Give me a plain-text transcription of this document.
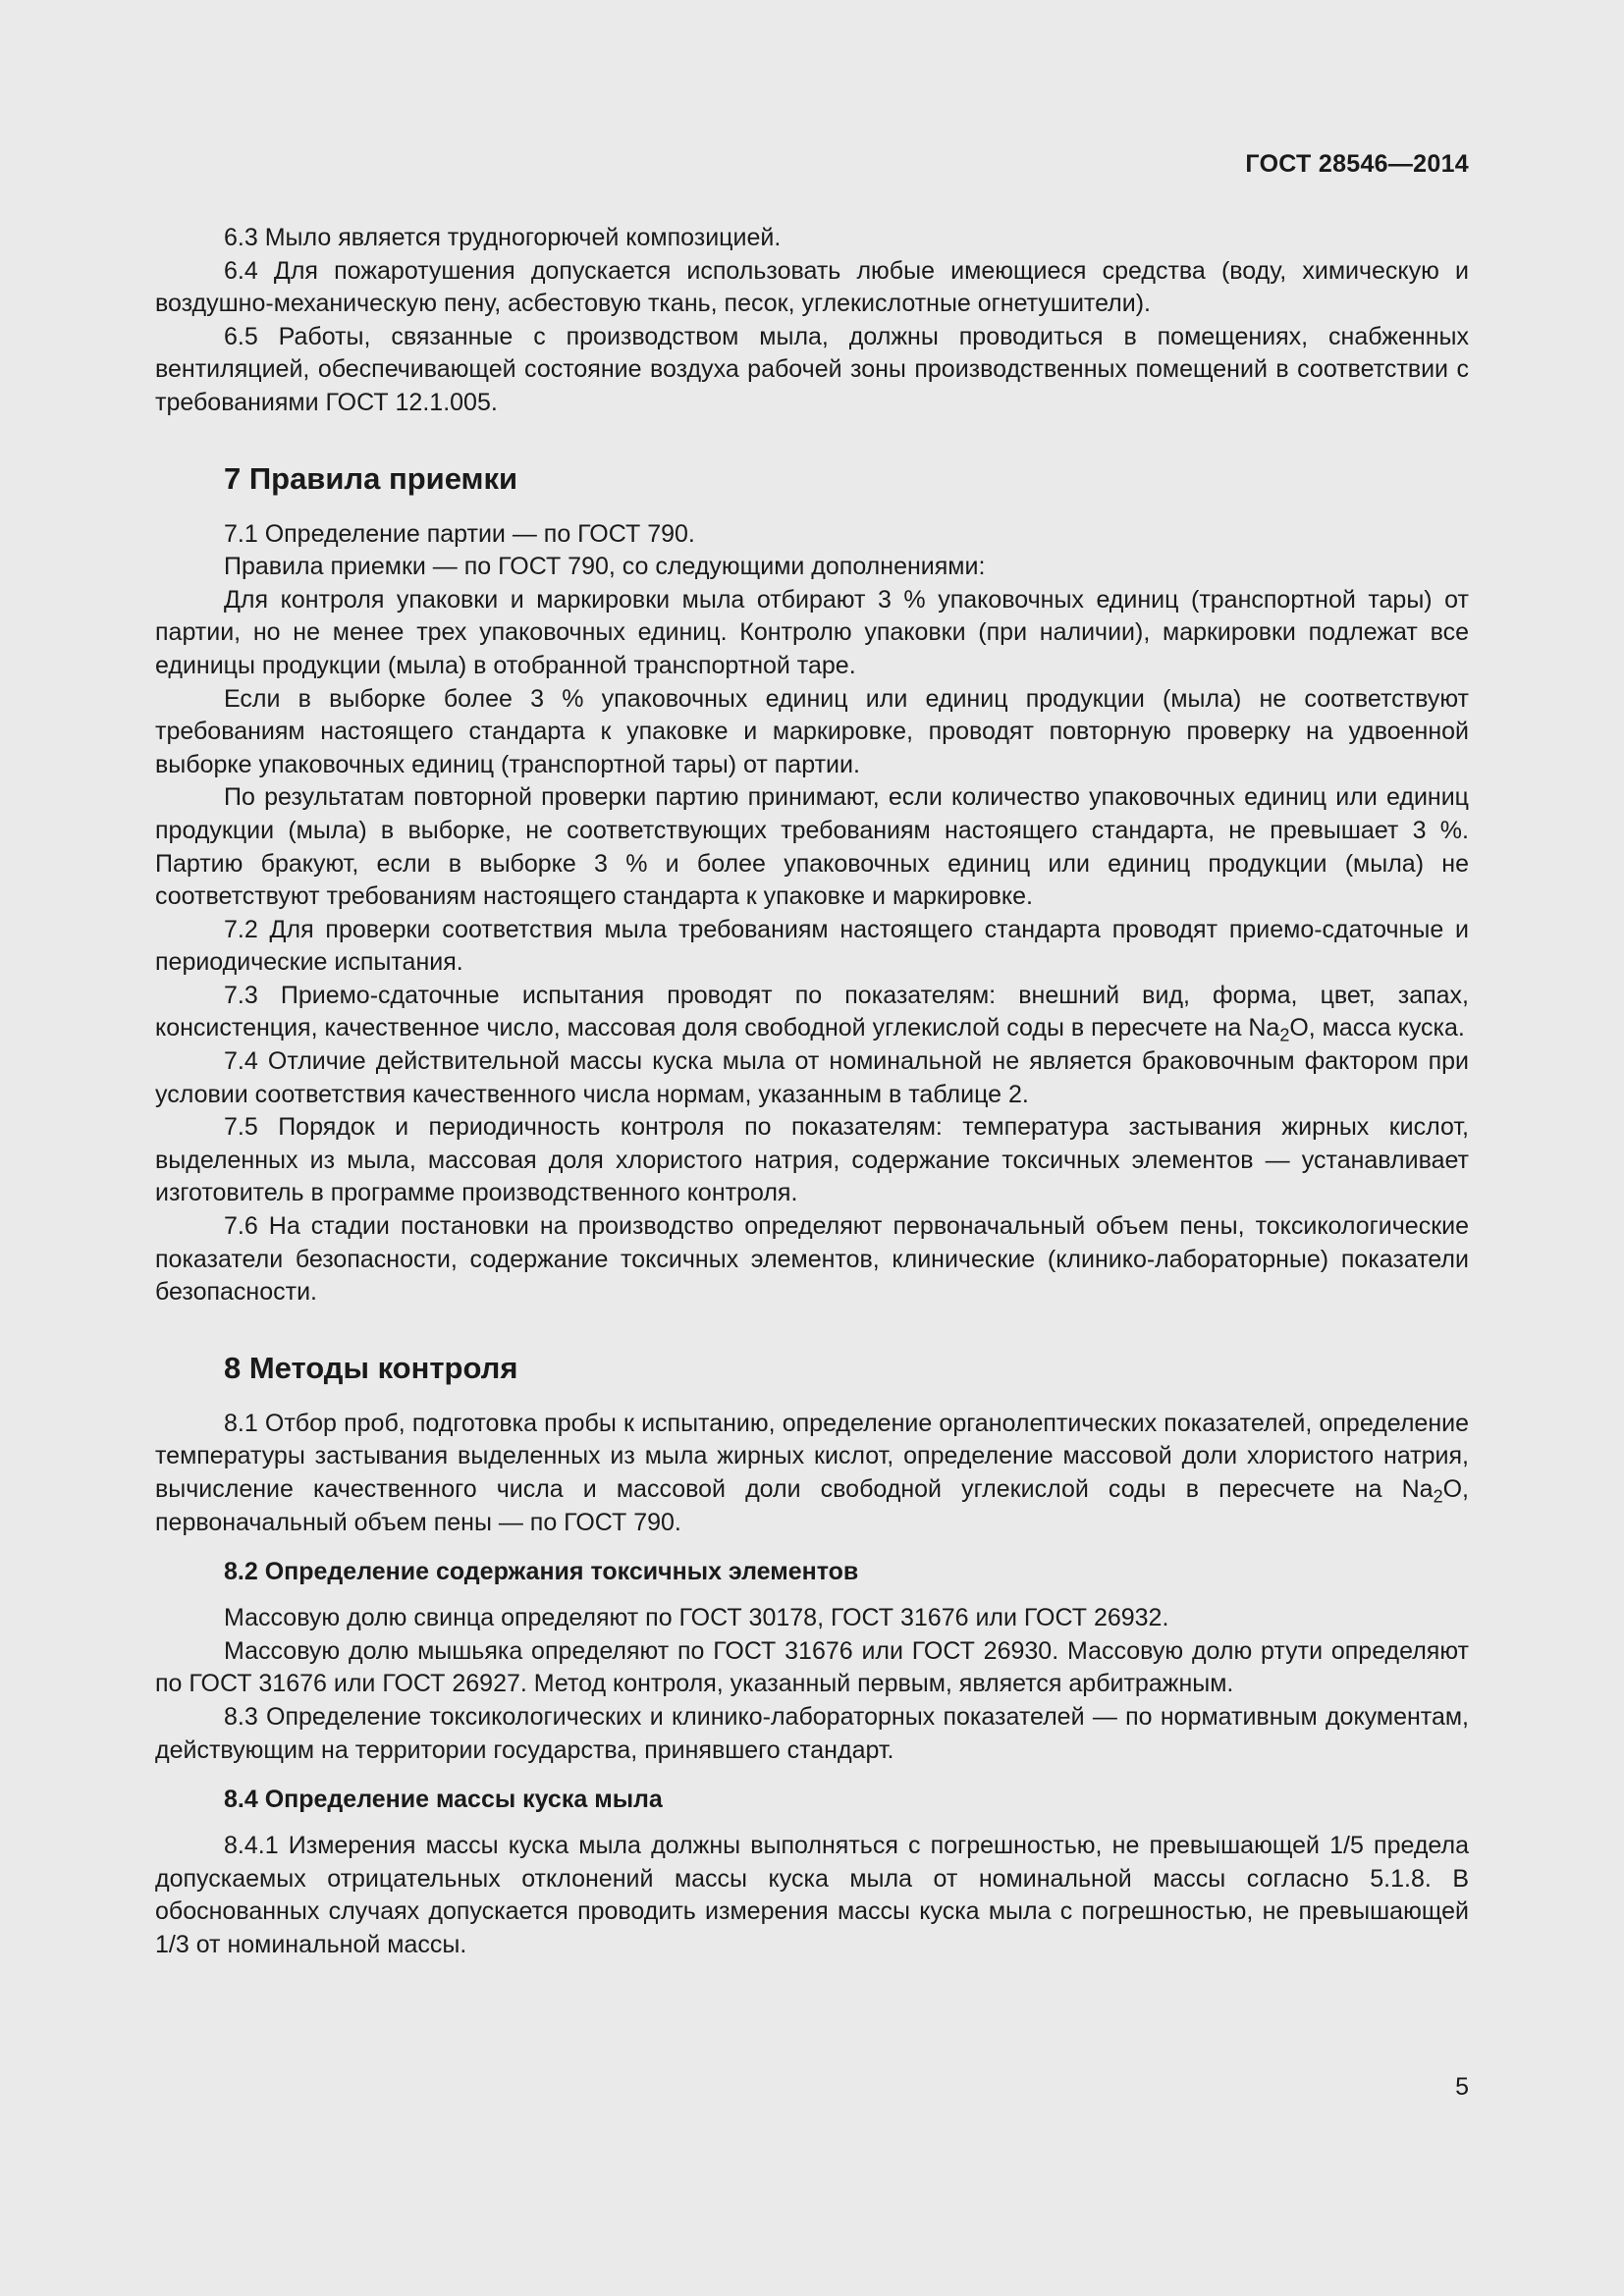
ГОСТ 28546—2014

6.3 Мыло является трудногорючей композицией.

6.4 Для пожаротушения допускается использовать любые имеющиеся средства (воду, химическую и воздушно-механическую пену, асбестовую ткань, песок, углекислотные огнетушители).

6.5 Работы, связанные с производством мыла, должны проводиться в помещениях, снабженных вентиляцией, обеспечивающей состояние воздуха рабочей зоны производственных помещений в соответствии с требованиями ГОСТ 12.1.005.

7 Правила приемки

7.1 Определение партии — по ГОСТ 790.

Правила приемки — по ГОСТ 790, со следующими дополнениями:

Для контроля упаковки и маркировки мыла отбирают 3 % упаковочных единиц (транспортной тары) от партии, но не менее трех упаковочных единиц. Контролю упаковки (при наличии), маркировки подлежат все единицы продукции (мыла) в отобранной транспортной таре.

Если в выборке более 3 % упаковочных единиц или единиц продукции (мыла) не соответствуют требованиям настоящего стандарта к упаковке и маркировке, проводят повторную проверку на удвоенной выборке упаковочных единиц (транспортной тары) от партии.

По результатам повторной проверки партию принимают, если количество упаковочных единиц или единиц продукции (мыла) в выборке, не соответствующих требованиям настоящего стандарта, не превышает 3 %. Партию бракуют, если в выборке 3 % и более упаковочных единиц или единиц продукции (мыла) не соответствуют требованиям настоящего стандарта к упаковке и маркировке.

7.2 Для проверки соответствия мыла требованиям настоящего стандарта проводят приемо-сдаточные и периодические испытания.

7.3 Приемо-сдаточные испытания проводят по показателям: внешний вид, форма, цвет, запах, консистенция, качественное число, массовая доля свободной углекислой соды в пересчете на $Na_2O$, масса куска.

7.4 Отличие действительной массы куска мыла от номинальной не является браковочным фактором при условии соответствия качественного числа нормам, указанным в таблице 2.

7.5 Порядок и периодичность контроля по показателям: температура застывания жирных кислот, выделенных из мыла, массовая доля хлористого натрия, содержание токсичных элементов — устанавливает изготовитель в программе производственного контроля.

7.6 На стадии постановки на производство определяют первоначальный объем пены, токсикологические показатели безопасности, содержание токсичных элементов, клинические (клинико-лабораторные) показатели безопасности.

8 Методы контроля

8.1 Отбор проб, подготовка пробы к испытанию, определение органолептических показателей, определение температуры застывания выделенных из мыла жирных кислот, определение массовой доли хлористого натрия, вычисление качественного числа и массовой доли свободной углекислой соды в пересчете на $Na_2O$, первоначальный объем пены — по ГОСТ 790.

8.2 Определение содержания токсичных элементов

Массовую долю свинца определяют по ГОСТ 30178, ГОСТ 31676 или ГОСТ 26932.

Массовую долю мышьяка определяют по ГОСТ 31676 или ГОСТ 26930. Массовую долю ртути определяют по ГОСТ 31676 или ГОСТ 26927. Метод контроля, указанный первым, является арбитражным.

8.3 Определение токсикологических и клинико-лабораторных показателей — по нормативным документам, действующим на территории государства, принявшего стандарт.

8.4 Определение массы куска мыла

8.4.1 Измерения массы куска мыла должны выполняться с погрешностью, не превышающей 1/5 предела допускаемых отрицательных отклонений массы куска мыла от номинальной массы согласно 5.1.8. В обоснованных случаях допускается проводить измерения массы куска мыла с погрешностью, не превышающей 1/3 от номинальной массы.

5
